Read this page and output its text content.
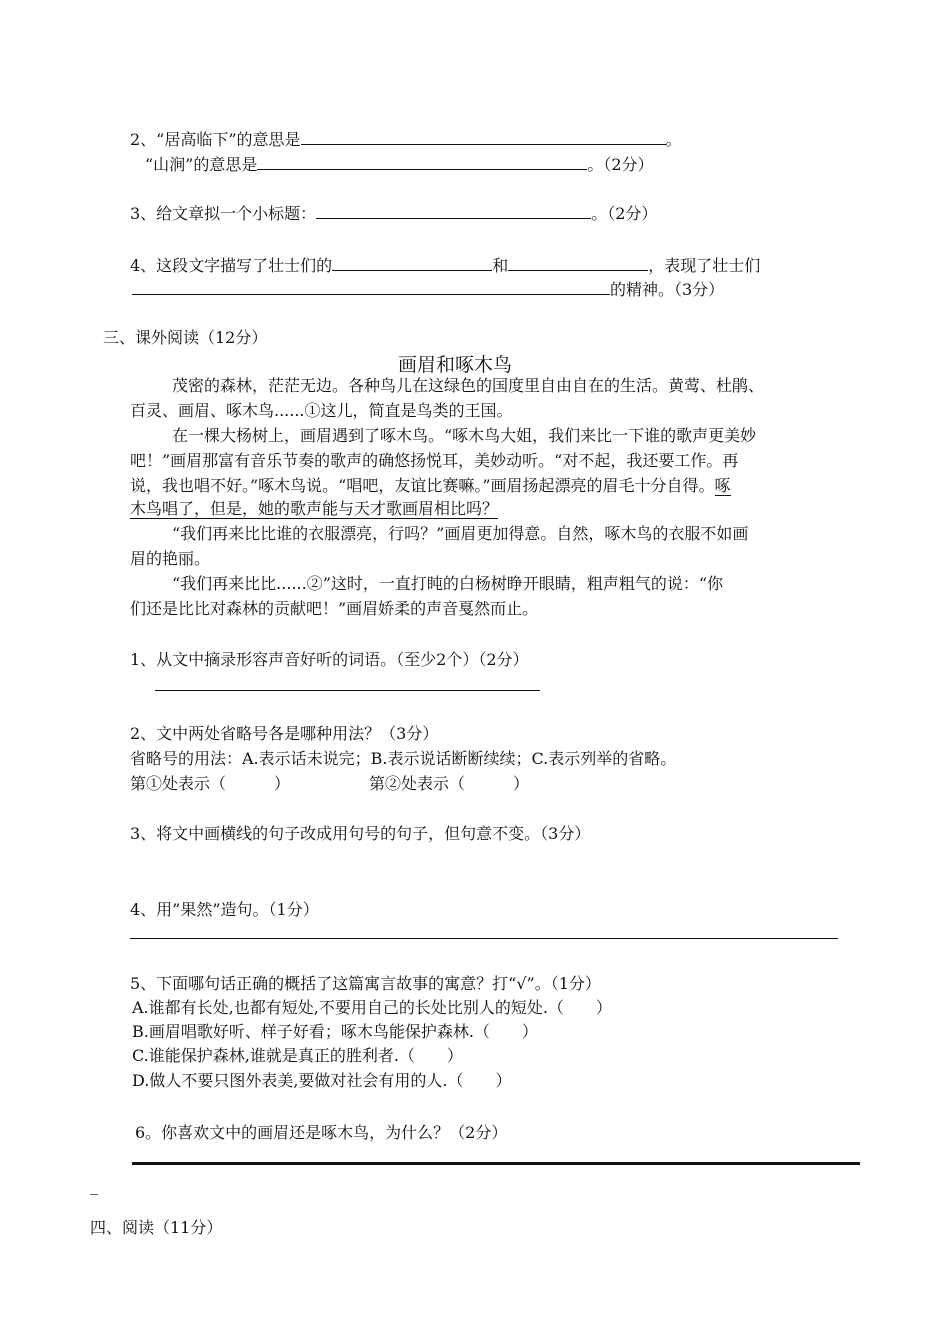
2、“居高临下”的意思是	。
“山涧”的意思是	。（2分）
3、给文章拟一个小标题：	。（2分）
4、这段文字描写了壮士们的	和	，表现了壮士们
的精神。（3分）
三、课外阅读（12分）
画眉和啄木鸟
茂密的森林，茫茫无边。各种鸟儿在这绿色的国度里自由自在的生活。黄莺、杜鹃、
百灵、画眉、啄木鸟......①这儿，简直是鸟类的王国。
在一棵大杨树上，画眉遇到了啄木鸟。“啄木鸟大姐，我们来比一下谁的歌声更美妙
吧！”画眉那富有音乐节奏的歌声的确悠扬悦耳，美妙动听。“对不起，我还要工作。再
说，我也唱不好。”啄木鸟说。“唱吧，友谊比赛嘛。”画眉扬起漂亮的眉毛十分自得。啄
木鸟唱了，但是，她的歌声能与天才歌画眉相比吗？
“我们再来比比谁的衣服漂亮，行吗？”画眉更加得意。自然，啄木鸟的衣服不如画
眉的艳丽。
“我们再来比比......②”这时，一直打盹的白杨树睁开眼睛，粗声粗气的说：“你
们还是比比对森林的贡献吧！”画眉娇柔的声音戛然而止。
1、从文中摘录形容声音好听的词语。（至少2个）（2分）
2、文中两处省略号各是哪种用法？（3分）
省略号的用法：A.表示话未说完；B.表示说话断断续续；C.表示列举的省略。
第①处表示（　　　）	第②处表示（　　　）
3、将文中画横线的句子改成用句号的句子，但句意不变。（3分）
4、用”果然”造句。（1分）
5、下面哪句话正确的概括了这篇寓言故事的寓意？打“√”。（1分）
A.谁都有长处,也都有短处,不要用自己的长处比别人的短处.（　　）
B.画眉唱歌好听、样子好看；啄木鸟能保护森林.（　　）
C.谁能保护森林,谁就是真正的胜利者.（　　）
D.做人不要只图外表美,要做对社会有用的人.（　　）
6。你喜欢文中的画眉还是啄木鸟，为什么？（2分）
_
四、阅读（11分）
